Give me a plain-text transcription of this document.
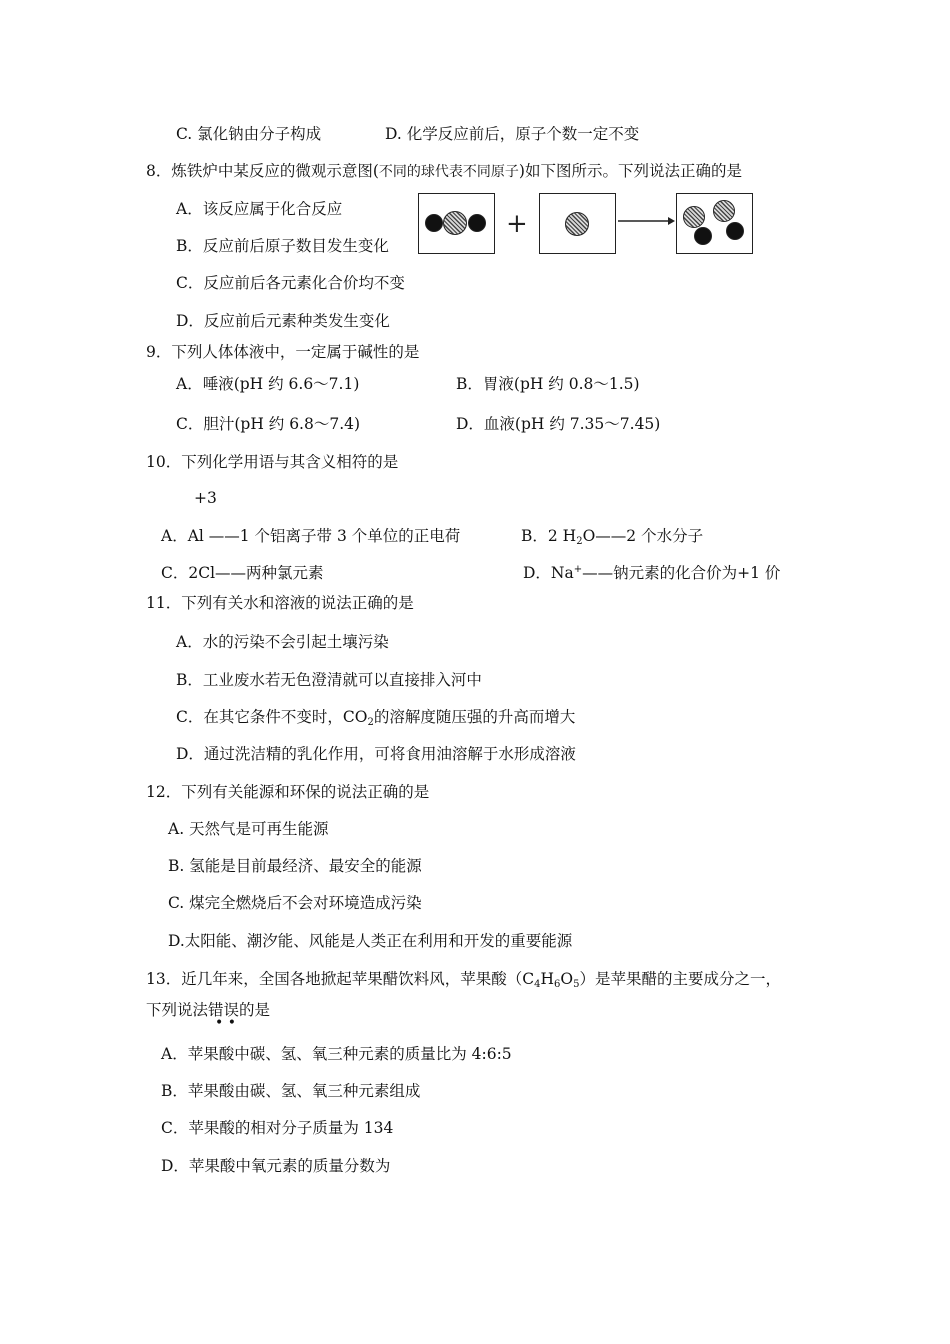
C. 氯化钠由分子构成	D. 化学反应前后，原子个数一定不变
8．炼铁炉中某反应的微观示意图(不同的球代表不同原子)如下图所示。下列说法正确的是
A．该反应属于化合反应
B．反应前后原子数目发生变化
C．反应前后各元素化合价均不变
D．反应前后元素种类发生变化
+
9．下列人体体液中，一定属于碱性的是
A．唾液(pH 约 6.6～7.1)	B．胃液(pH 约 0.8～1.5)
C．胆汁(pH 约 6.8～7.4)	D．血液(pH 约 7.35～7.45)
10．下列化学用语与其含义相符的是
+3
A．Al ——1 个铝离子带 3 个单位的正电荷	B．2 $H_2O——2$ 个水分子
C．2Cl——两种氯元素	D．Na+——钠元素的化合价为+1 价
11．下列有关水和溶液的说法正确的是
A．水的污染不会引起土壤污染
B．工业废水若无色澄清就可以直接排入河中
C．在其它条件不变时，$CO_2$的溶解度随压强的升高而增大
D．通过洗洁精的乳化作用，可将食用油溶解于水形成溶液
12．下列有关能源和环保的说法正确的是
A. 天然气是可再生能源
B. 氢能是目前最经济、最安全的能源
C. 煤完全燃烧后不会对环境造成污染
D.太阳能、潮汐能、风能是人类正在利用和开发的重要能源
13．近几年来，全国各地掀起苹果醋饮料风，苹果酸$(C_4H_6O_5)$是苹果醋的主要成分之一，
下列说法错误的是
• •
A．苹果酸中碳、氢、氧三种元素的质量比为 4:6:5
B．苹果酸由碳、氢、氧三种元素组成
C．苹果酸的相对分子质量为 134
D．苹果酸中氧元素的质量分数为
